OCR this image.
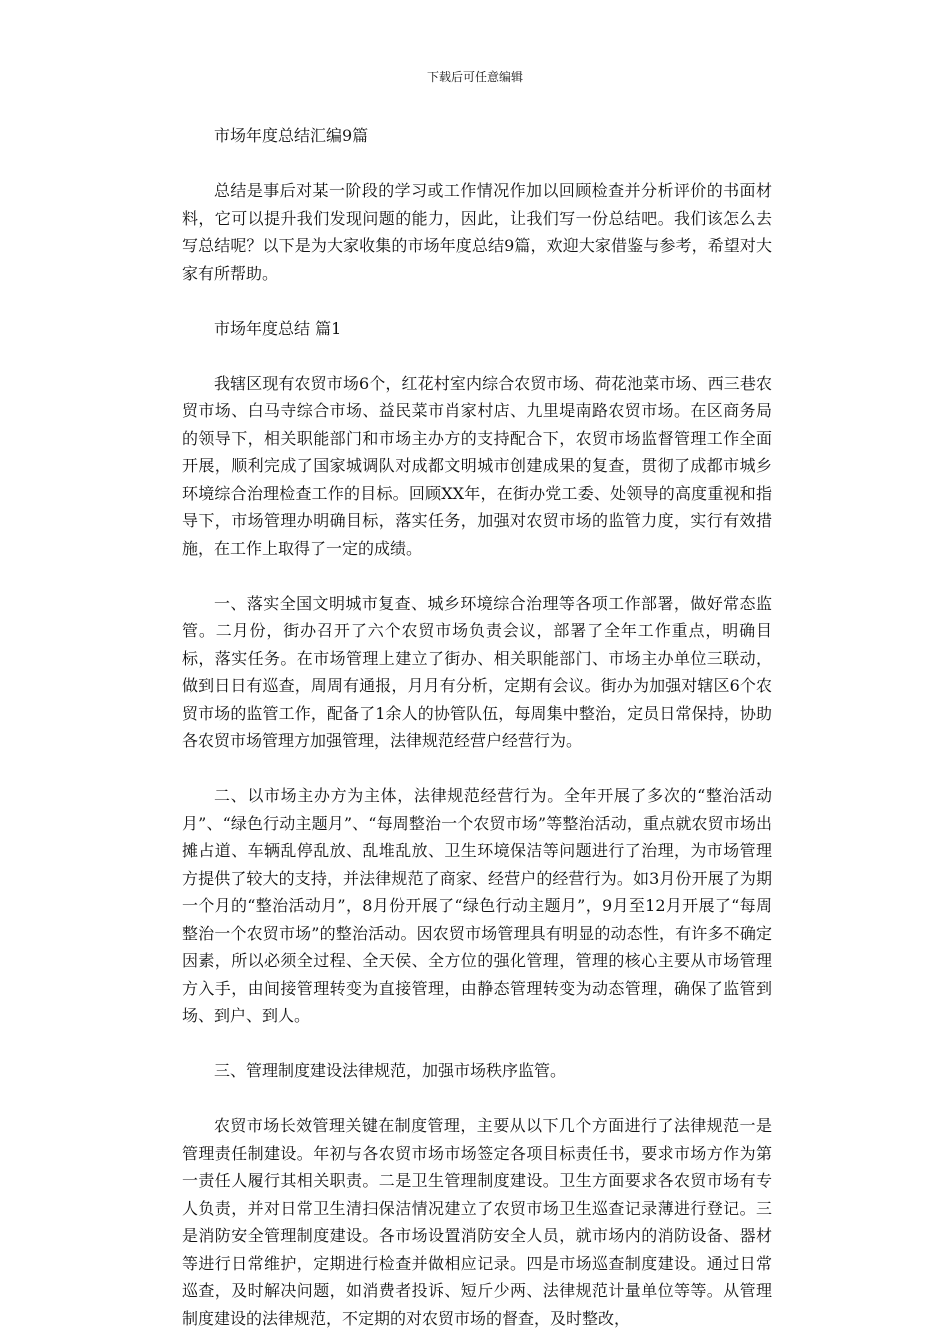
下载后可任意编辑

市场年度总结汇编9篇

总结是事后对某一阶段的学习或工作情况作加以回顾检查并分析评价的书面材料，它可以提升我们发现问题的能力，因此，让我们写一份总结吧。我们该怎么去写总结呢？以下是为大家收集的市场年度总结9篇，欢迎大家借鉴与参考，希望对大家有所帮助。

市场年度总结 篇1

我辖区现有农贸市场6个，红花村室内综合农贸市场、荷花池菜市场、西三巷农贸市场、白马寺综合市场、益民菜市肖家村店、九里堤南路农贸市场。在区商务局的领导下，相关职能部门和市场主办方的支持配合下，农贸市场监督管理工作全面开展，顺利完成了国家城调队对成都文明城市创建成果的复查，贯彻了成都市城乡环境综合治理检查工作的目标。回顾XX年，在街办党工委、处领导的高度重视和指导下，市场管理办明确目标，落实任务，加强对农贸市场的监管力度，实行有效措施，在工作上取得了一定的成绩。

一、落实全国文明城市复查、城乡环境综合治理等各项工作部署，做好常态监管。二月份，街办召开了六个农贸市场负责会议，部署了全年工作重点，明确目标，落实任务。在市场管理上建立了街办、相关职能部门、市场主办单位三联动，做到日日有巡查，周周有通报，月月有分析，定期有会议。街办为加强对辖区6个农贸市场的监管工作，配备了1余人的协管队伍，每周集中整治，定员日常保持，协助各农贸市场管理方加强管理，法律规范经营户经营行为。

二、以市场主办方为主体，法律规范经营行为。全年开展了多次的“整治活动月”、“绿色行动主题月”、“每周整治一个农贸市场”等整治活动，重点就农贸市场出摊占道、车辆乱停乱放、乱堆乱放、卫生环境保洁等问题进行了治理，为市场管理方提供了较大的支持，并法律规范了商家、经营户的经营行为。如3月份开展了为期一个月的“整治活动月”，8月份开展了“绿色行动主题月”，9月至12月开展了“每周整治一个农贸市场”的整治活动。因农贸市场管理具有明显的动态性，有许多不确定因素，所以必须全过程、全天侯、全方位的强化管理，管理的核心主要从市场管理方入手，由间接管理转变为直接管理，由静态管理转变为动态管理，确保了监管到场、到户、到人。

三、管理制度建设法律规范，加强市场秩序监管。

农贸市场长效管理关键在制度管理，主要从以下几个方面进行了法律规范一是管理责任制建设。年初与各农贸市场市场签定各项目标责任书，要求市场方作为第一责任人履行其相关职责。二是卫生管理制度建设。卫生方面要求各农贸市场有专人负责，并对日常卫生清扫保洁情况建立了农贸市场卫生巡查记录薄进行登记。三是消防安全管理制度建设。各市场设置消防安全人员，就市场内的消防设备、器材等进行日常维护，定期进行检查并做相应记录。四是市场巡查制度建设。通过日常巡查，及时解决问题，如消费者投诉、短斤少两、法律规范计量单位等等。从管理制度建设的法律规范，不定期的对农贸市场的督查，及时整改，
